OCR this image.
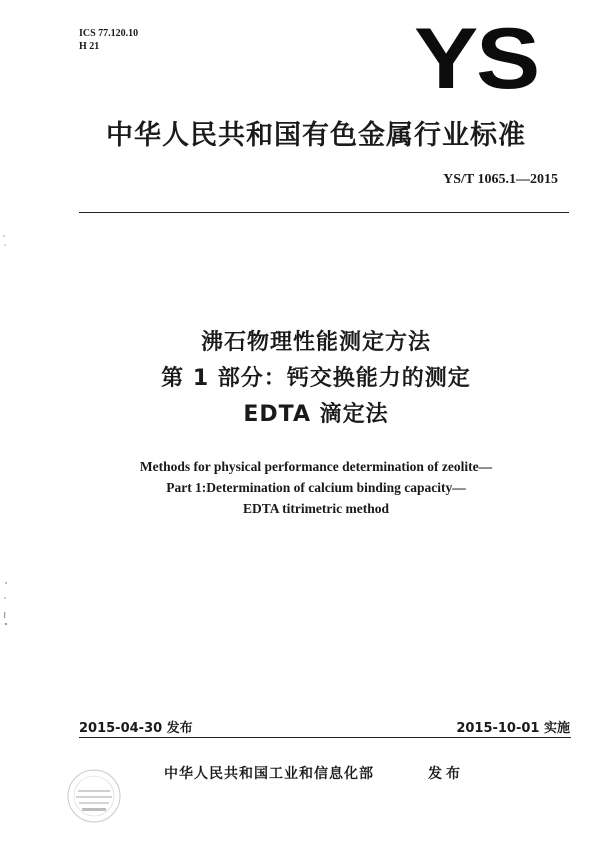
ICS 77.120.10
H 21	YS
中华人民共和国有色金属行业标准
YS/T 1065.1—2015
沸石物理性能测定方法
第 1 部分：钙交换能力的测定
EDTA 滴定法
Methods for physical performance determination of zeolite—
Part 1:Determination of calcium binding capacity—
EDTA titrimetric method
2015-04-30 发布	2015-10-01 实施
中华人民共和国工业和信息化部	发布
